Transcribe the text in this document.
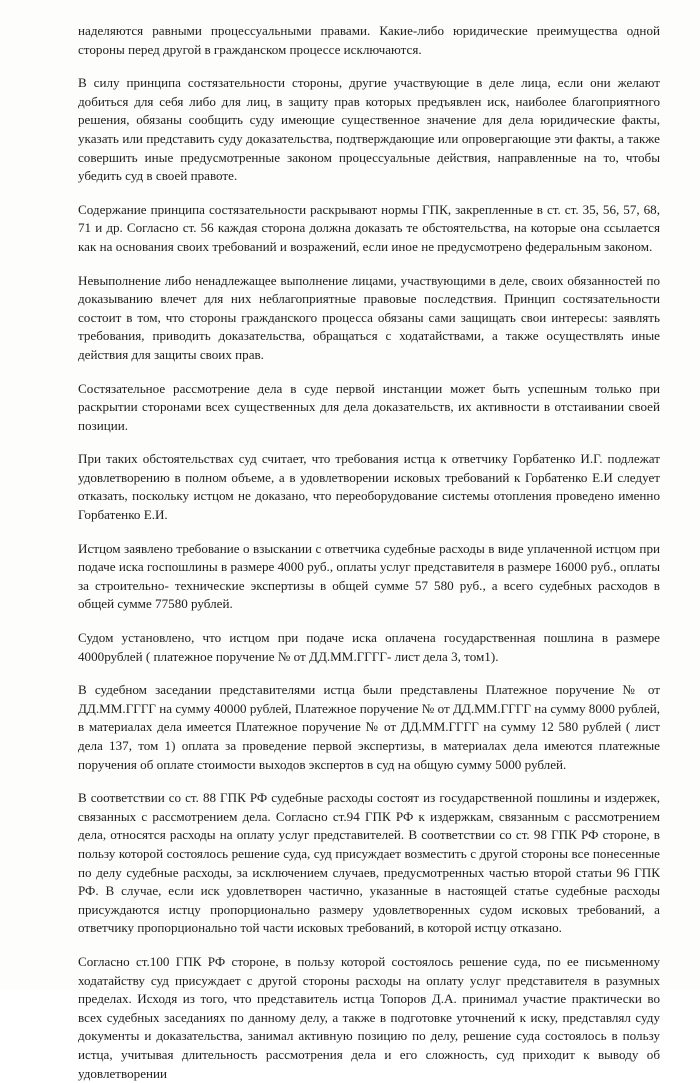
наделяются равными процессуальными правами. Какие-либо юридические преимущества одной стороны перед другой в гражданском процессе исключаются.

В силу принципа состязательности стороны, другие участвующие в деле лица, если они желают добиться для себя либо для лиц, в защиту прав которых предъявлен иск, наиболее благоприятного решения, обязаны сообщить суду имеющие существенное значение для дела юридические факты, указать или представить суду доказательства, подтверждающие или опровергающие эти факты, а также совершить иные предусмотренные законом процессуальные действия, направленные на то, чтобы убедить суд в своей правоте.

Содержание принципа состязательности раскрывают нормы ГПК, закрепленные в ст. ст. 35, 56, 57, 68, 71 и др. Согласно ст. 56 каждая сторона должна доказать те обстоятельства, на которые она ссылается как на основания своих требований и возражений, если иное не предусмотрено федеральным законом.

Невыполнение либо ненадлежащее выполнение лицами, участвующими в деле, своих обязанностей по доказыванию влечет для них неблагоприятные правовые последствия. Принцип состязательности состоит в том, что стороны гражданского процесса обязаны сами защищать свои интересы: заявлять требования, приводить доказательства, обращаться с ходатайствами, а также осуществлять иные действия для защиты своих прав.

Состязательное рассмотрение дела в суде первой инстанции может быть успешным только при раскрытии сторонами всех существенных для дела доказательств, их активности в отстаивании своей позиции.

При таких обстоятельствах суд считает, что требования истца к ответчику Горбатенко И.Г. подлежат удовлетворению в полном объеме, а в удовлетворении исковых требований к Горбатенко Е.И следует отказать, поскольку истцом не доказано, что переоборудование системы отопления проведено именно Горбатенко Е.И.

Истцом заявлено требование о взыскании с ответчика судебные расходы в виде уплаченной истцом при подаче иска госпошлины в размере 4000 руб., оплаты услуг представителя в размере 16000 руб., оплаты за строительно- технические экспертизы в общей сумме 57 580 руб., а всего судебных расходов в общей сумме 77580 рублей.

Судом установлено, что истцом при подаче иска оплачена государственная пошлина в размере 4000рублей ( платежное поручение № от ДД.ММ.ГГГГ- лист дела 3, том1).

В судебном заседании представителями истца были представлены Платежное поручение № от ДД.ММ.ГГГГ на сумму 40000 рублей, Платежное поручение № от ДД.ММ.ГГГГ на сумму 8000 рублей, в материалах дела имеется Платежное поручение № от ДД.ММ.ГГГГ на сумму 12 580 рублей ( лист дела 137, том 1) оплата за проведение первой экспертизы, в материалах дела имеются платежные поручения об оплате стоимости выходов экспертов в суд на общую сумму 5000 рублей.

В соответствии со ст. 88 ГПК РФ судебные расходы состоят из государственной пошлины и издержек, связанных с рассмотрением дела. Согласно ст.94 ГПК РФ к издержкам, связанным с рассмотрением дела, относятся расходы на оплату услуг представителей. В соответствии со ст. 98 ГПК РФ стороне, в пользу которой состоялось решение суда, суд присуждает возместить с другой стороны все понесенные по делу судебные расходы, за исключением случаев, предусмотренных частью второй статьи 96 ГПК РФ. В случае, если иск удовлетворен частично, указанные в настоящей статье судебные расходы присуждаются истцу пропорционально размеру удовлетворенных судом исковых требований, а ответчику пропорционально той части исковых требований, в которой истцу отказано.

Согласно ст.100 ГПК РФ стороне, в пользу которой состоялось решение суда, по ее письменному ходатайству суд присуждает с другой стороны расходы на оплату услуг представителя в разумных пределах. Исходя из того, что представитель истца Топоров Д.А. принимал участие практически во всех судебных заседаниях по данному делу, а также в подготовке уточнений к иску, представлял суду документы и доказательства, занимал активную позицию по делу, решение суда состоялось в пользу истца, учитывая длительность рассмотрения дела и его сложность, суд приходит к выводу об удовлетворении
